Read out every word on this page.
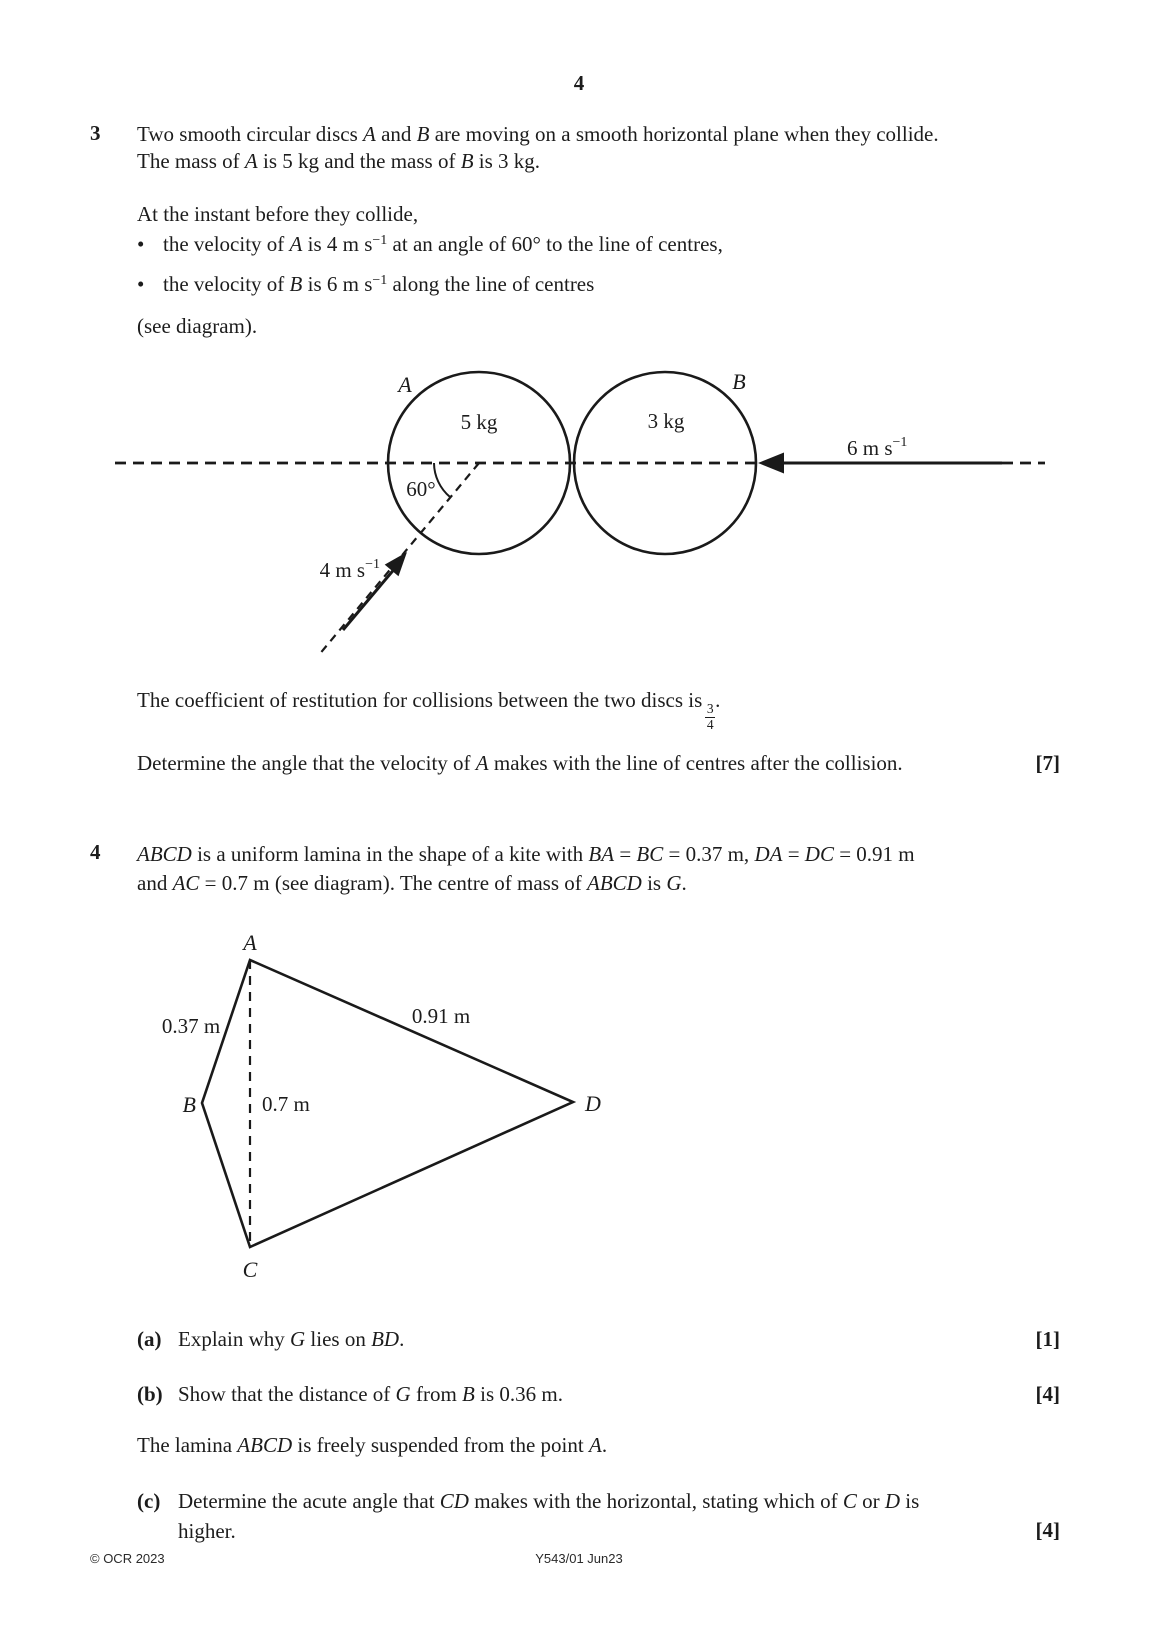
A	B
5 kg	3 kg
60°
4 m $s^{-1}$
6 m $s^{-1}$
A
B
C
D
0.37 m	0.91 m
0.7 m
4
3 Two smooth circular discs A and B are moving on a smooth horizontal plane when they collide.
The mass of A is 5 kg and the mass of B is 3 kg.
At the instant before they collide,
• the velocity of A is 4 m $s^{-1}$ at an angle of 60° to the line of centres,
• the velocity of B is 6 m $s^{-1}$ along the line of centres
(see diagram).
The coefficient of restitution for collisions between the two discs is
$\frac{3}{4}$
.
Determine the angle that the velocity of A makes with the line of centres after the collision.	[7]
4 ABCD is a uniform lamina in the shape of a kite with BA = BC = 0.37 m, DA = DC = 0.91 m
and AC = 0.7 m (see diagram). The centre of mass of ABCD is G.
(a) Explain why G lies on BD.	[1]
(b) Show that the distance of G from B is 0.36 m.	[4]
The lamina ABCD is freely suspended from the point A.
(c) Determine the acute angle that CD makes with the horizontal, stating which of C or D is
higher.	[4]
Y543/01 Jun23
© OCR 2023
